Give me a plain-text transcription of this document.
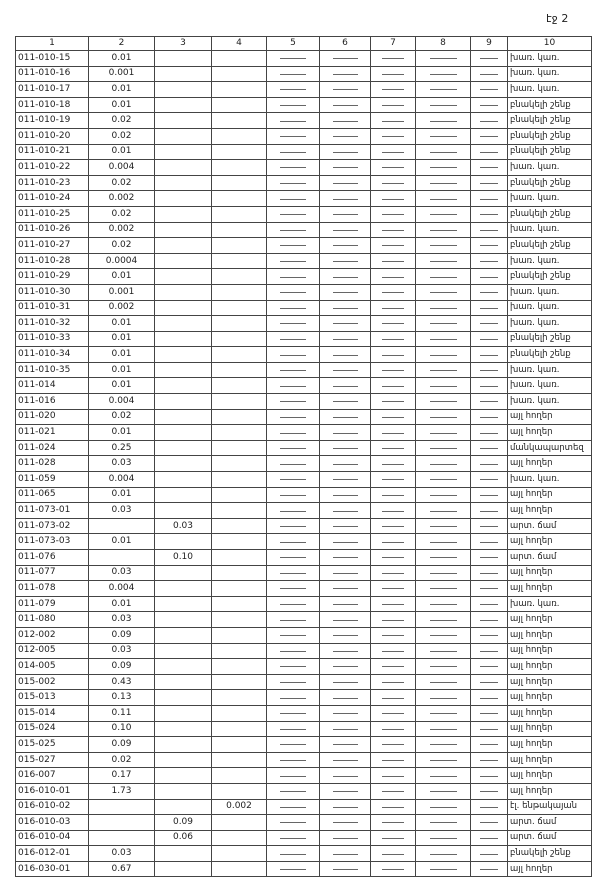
էջ 2
1	2	3	4	5	6	7	8	9	10
011-010-15	0.01								խառ. կառ.
011-010-16	0.001								խառ. կառ.
011-010-17	0.01								խառ. կառ.
011-010-18	0.01								բնակելի շենք
011-010-19	0.02								բնակելի շենք
011-010-20	0.02								բնակելի շենք
011-010-21	0.01								բնակելի շենք
011-010-22	0.004								խառ. կառ.
011-010-23	0.02								բնակելի շենք
011-010-24	0.002								խառ. կառ.
011-010-25	0.02								բնակելի շենք
011-010-26	0.002								խառ. կառ.
011-010-27	0.02								բնակելի շենք
011-010-28	0.0004								խառ. կառ.
011-010-29	0.01								բնակելի շենք
011-010-30	0.001								խառ. կառ.
011-010-31	0.002								խառ. կառ.
011-010-32	0.01								խառ. կառ.
011-010-33	0.01								բնակելի շենք
011-010-34	0.01								բնակելի շենք
011-010-35	0.01								խառ. կառ.
011-014	0.01								խառ. կառ.
011-016	0.004								խառ. կառ.
011-020	0.02								այլ հողեր
011-021	0.01								այլ հողեր
011-024	0.25								մանկապարտեզ
011-028	0.03								այլ հողեր
011-059	0.004								խառ. կառ.
011-065	0.01								այլ հողեր
011-073-01	0.03								այլ հողեր
011-073-02		0.03							արտ. ճամ
011-073-03	0.01								այլ հողեր
011-076		0.10							արտ. ճամ
011-077	0.03								այլ հողեր
011-078	0.004								այլ հողեր
011-079	0.01								խառ. կառ.
011-080	0.03								այլ հողեր
012-002	0.09								այլ հողեր
012-005	0.03								այլ հողեր
014-005	0.09								այլ հողեր
015-002	0.43								այլ հողեր
015-013	0.13								այլ հողեր
015-014	0.11								այլ հողեր
015-024	0.10								այլ հողեր
015-025	0.09								այլ հողեր
015-027	0.02								այլ հողեր
016-007	0.17								այլ հողեր
016-010-01	1.73								այլ հողեր
016-010-02			0.002						էլ. ենթակայան
016-010-03		0.09							արտ. ճամ
016-010-04		0.06							արտ. ճամ
016-012-01	0.03								բնակելի շենք
016-030-01	0.67								այլ հողեր
